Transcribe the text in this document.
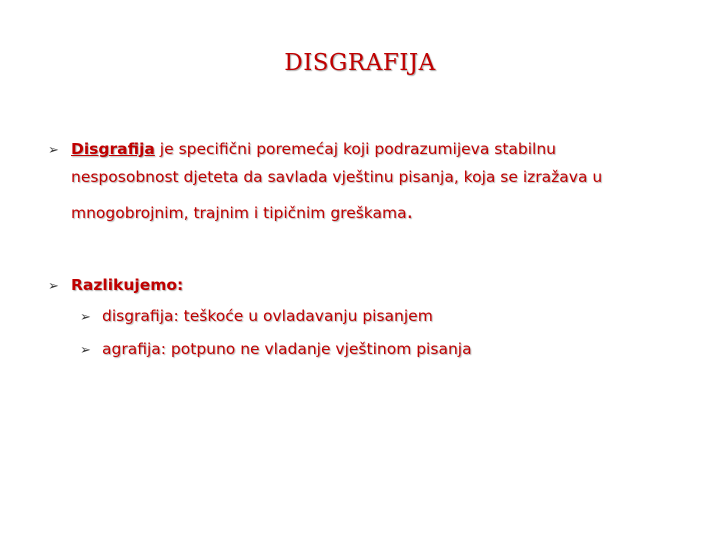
DISGRAFIJA
➢ Disgrafija je specifični poremećaj koji podrazumijeva stabilnu
nesposobnost djeteta da savlada vještinu pisanja, koja se izražava u
mnogobrojnim, trajnim i tipičnim greškama.
➢ Razlikujemo:
➢ disgrafija: teškoće u ovladavanju pisanjem
➢ agrafija: potpuno ne vladanje vještinom pisanja
